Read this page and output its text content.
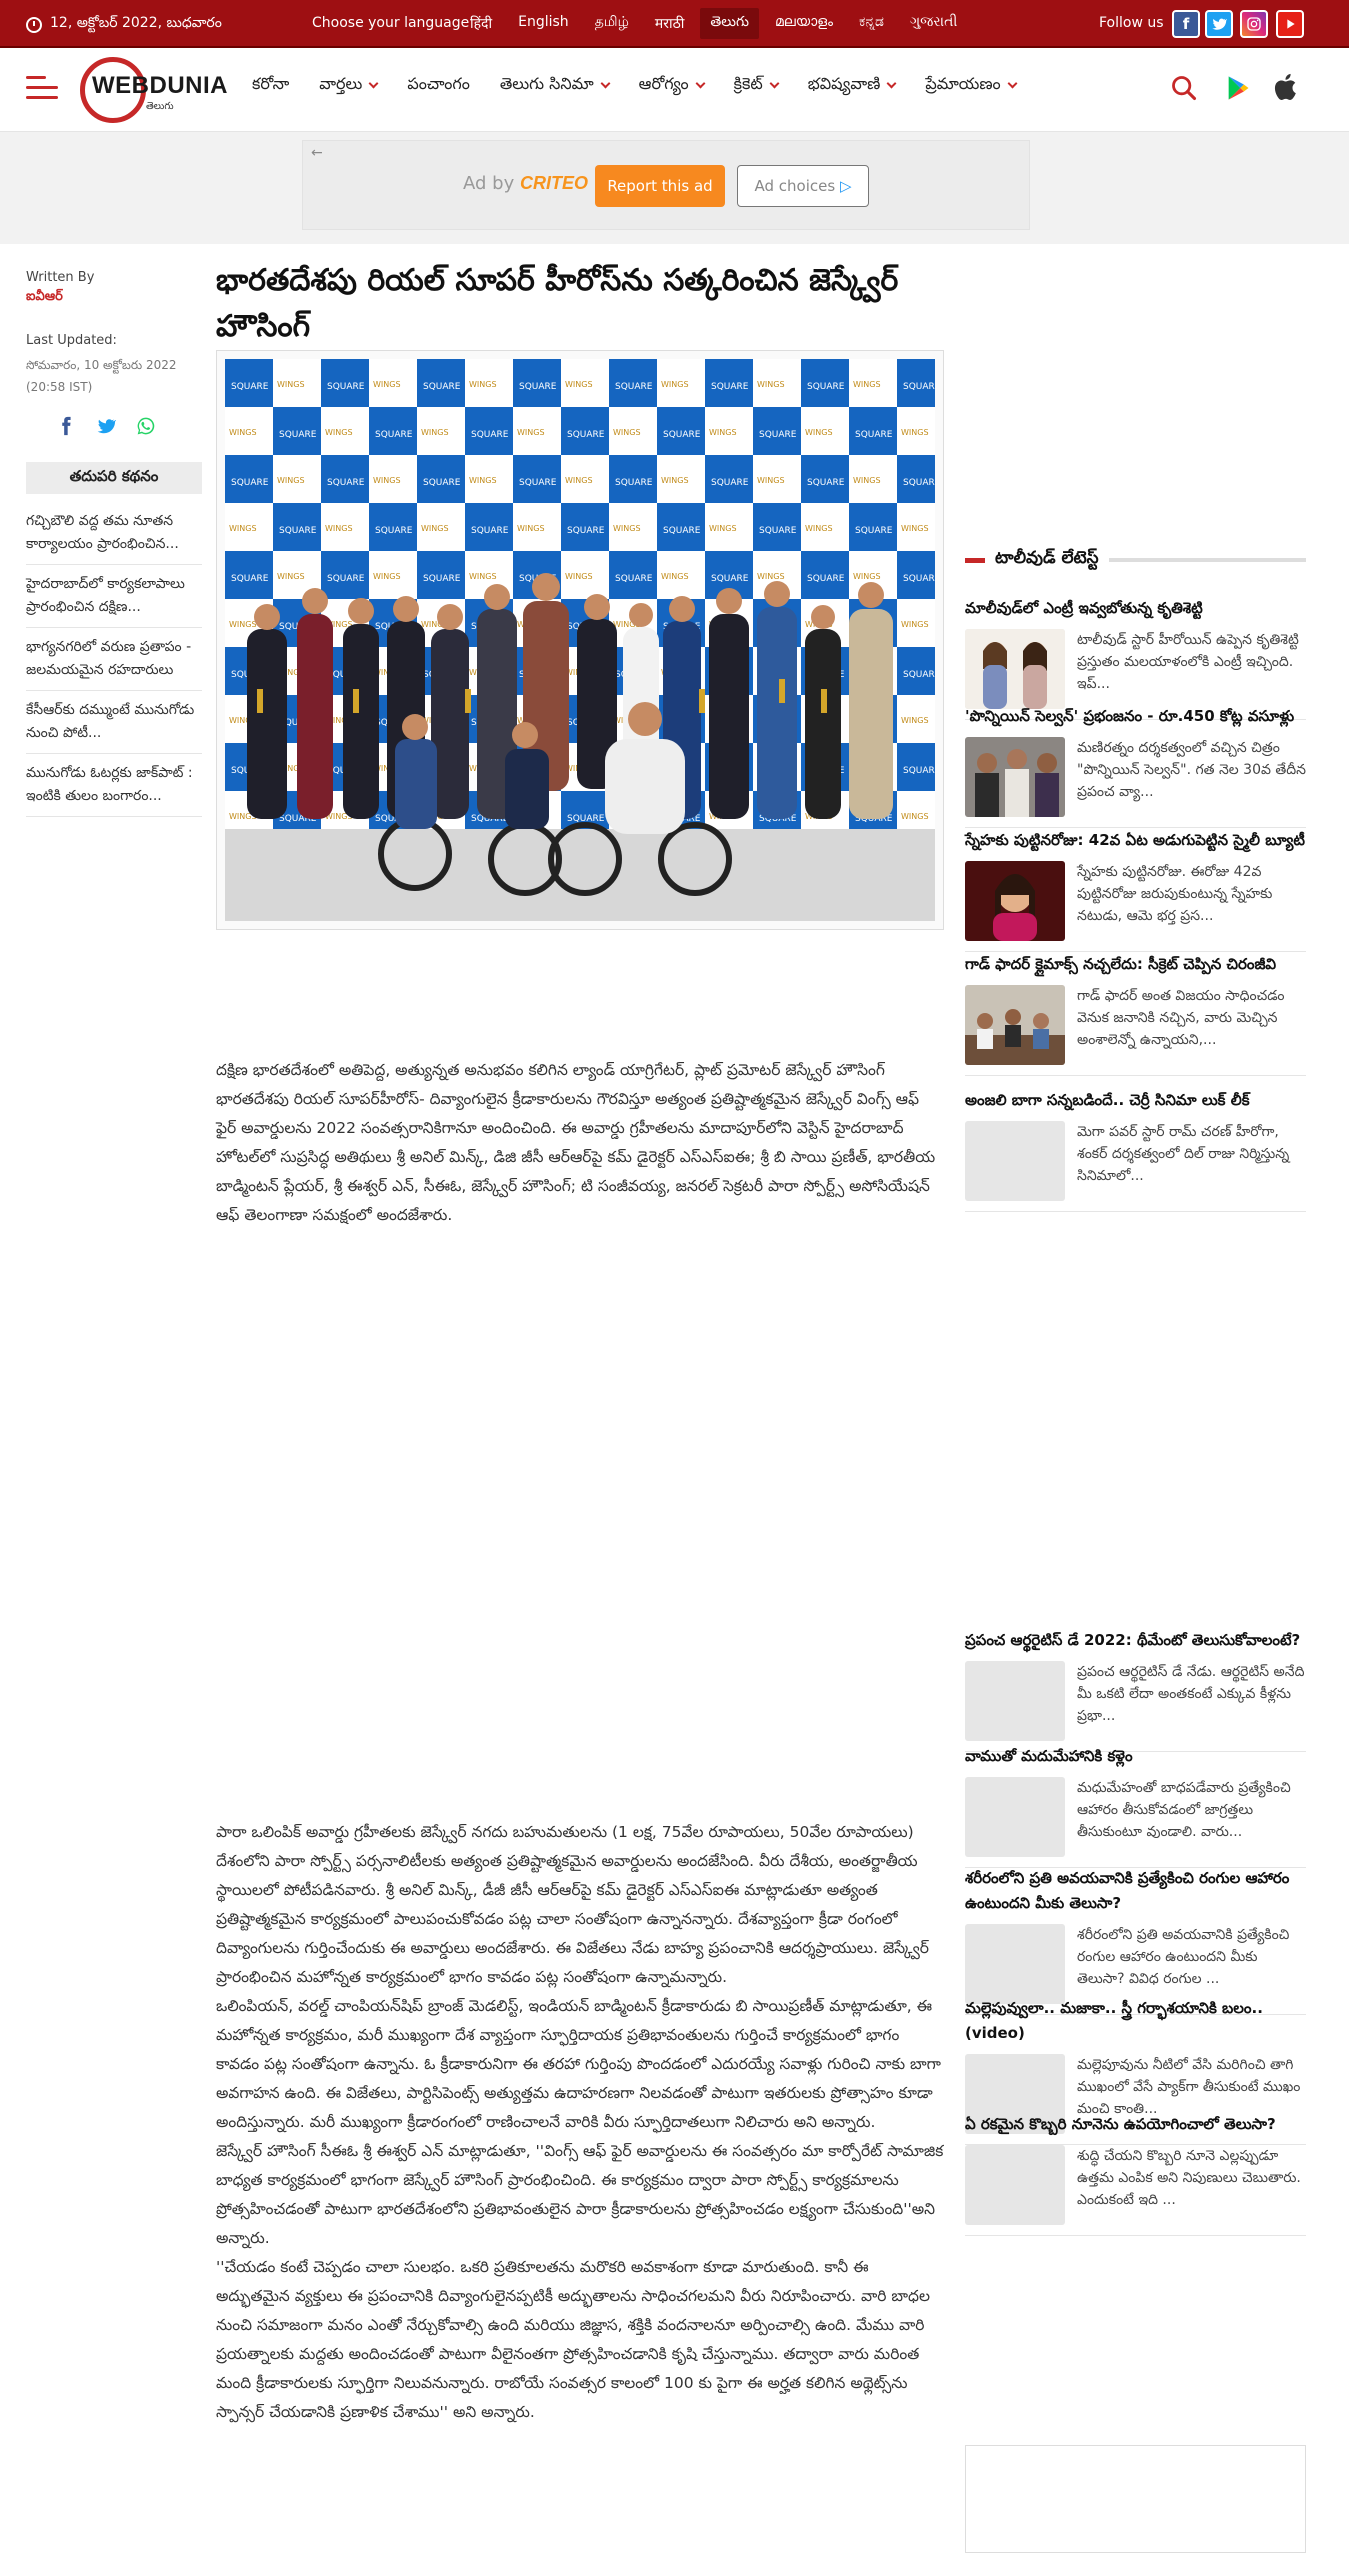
12, అక్టోబర్ 2022, బుధవారం	Choose your language हिंदी	English	தமிழ்	मराठी	తెలుగు	മലയാളം	ಕನ್ನಡ	ગુજરાતી	Follow us	f
WEBDUNIA
తెలుగు
కరోనా వార్తలు	పంచాంగం తెలుగు సినిమా	ఆరోగ్యం	క్రికెట్	భవిష్యవాణి	ప్రేమాయణం
←
Ad by CRITEO	Report this ad	Ad choices
▷
Written By
ఐవీఆర్
Last Updated:
సోమవారం, 10 అక్టోబరు 2022 (20:58 IST)
తదుపరి కథనం
గచ్చిబౌలి వద్ద తమ నూతన కార్యాలయం ప్రారంభించిన...
హైదరాబాద్‌లో కార్యకలాపాలు ప్రారంభించిన దక్షిణ...
భాగ్యనగరిలో వరుణ ప్రతాపం - జలమయమైన రహదారులు
కేసీఆర్‌కు దమ్ముంటే మునుగోడు నుంచి పోటీ...
మునుగోడు ఓటర్లకు జాక్‌పాట్ : ఇంటికి తులం బంగారం...
భారతదేశపు రియల్ సూపర్ హీరోస్‌ను సత్కరించిన జెస్క్వేర్ హౌసింగ్

దక్షిణ భారతదేశంలో అతిపెద్ద, అత్యున్నత అనుభవం కలిగిన ల్యాండ్ యాగ్రిగేటర్, ప్లాట్ ప్రమోటర్ జెస్క్వేర్ హౌసింగ్ భారతదేశపు రియల్ సూపర్‌హీరోస్- దివ్యాంగులైన క్రీడాకారులను గౌరవిస్తూ అత్యంత ప్రతిష్టాత్మకమైన జెస్క్వేర్ వింగ్స్ ఆఫ్ ఫైర్ అవార్డులను 2022 సంవత్సరానికిగానూ అందించింది. ఈ అవార్డు గ్రహీతలను మాదాపూర్‌లోని వెస్టిన్ హైదరాబాద్ హోటల్‌లో సుప్రసిద్ధ అతిథులు శ్రీ అనిల్ మిన్క్, డిజి జీసీ ఆర్‌ఆర్‌పై కమ్ డైరెక్టర్ ఎస్‌ఎస్ఐఈ; శ్రీ బి సాయి ప్రణీత్, భారతీయ బాడ్మింటన్ ప్లేయర్, శ్రీ ఈశ్వర్ ఎన్, సీఈఓ, జెస్క్వేర్ హౌసింగ్; టి సంజీవయ్య, జనరల్ సెక్రటరీ పారా స్పోర్ట్స్ అసోసియేషన్ ఆఫ్ తెలంగాణా సమక్షంలో అందజేశారు.

పారా ఒలింపిక్ అవార్డు గ్రహీతలకు జెస్క్వేర్ నగదు బహుమతులను (1 లక్ష, 75వేల రూపాయలు, 50వేల రూపాయలు) దేశంలోని పారా స్పోర్ట్స్ పర్సనాలిటీలకు అత్యంత ప్రతిష్టాత్మకమైన అవార్డులను అందజేసింది. వీరు దేశీయ, అంతర్జాతీయ స్థాయిలలో పోటీపడినవారు. శ్రీ అనిల్ మిన్క్, డీజీ జీసీ ఆర్‌ఆర్‌పై కమ్ డైరెక్టర్ ఎస్‌ఎస్ఐఈ మాట్లాడుతూ అత్యంత ప్రతిష్టాత్మకమైన కార్యక్రమంలో పాలుపంచుకోవడం పట్ల చాలా సంతోషంగా ఉన్నానన్నారు. దేశవ్యాప్తంగా క్రీడా రంగంలో దివ్యాంగులను గుర్తించేందుకు ఈ అవార్డులు అందజేశారు. ఈ విజేతలు నేడు బాహ్య ప్రపంచానికి ఆదర్శప్రాయులు. జెస్క్వేర్ ప్రారంభించిన మహోన్నత కార్యక్రమంలో భాగం కావడం పట్ల సంతోషంగా ఉన్నామన్నారు.

ఒలింపియన్, వరల్డ్ చాంపియన్‌షిప్ బ్రాంజ్ మెడలిస్ట్, ఇండియన్ బాడ్మింటన్ క్రీడాకారుడు బి సాయిప్రణీత్ మాట్లాడుతూ, ఈ మహోన్నత కార్యక్రమం, మరీ ముఖ్యంగా దేశ వ్యాప్తంగా స్ఫూర్తిదాయక ప్రతిభావంతులను గుర్తించే కార్యక్రమంలో భాగం కావడం పట్ల సంతోషంగా ఉన్నాను. ఓ క్రీడాకారునిగా ఈ తరహా గుర్తింపు పొందడంలో ఎదురయ్యే సవాళ్లు గురించి నాకు బాగా అవగాహన ఉంది. ఈ విజేతలు, పార్టిసిపెంట్స్ అత్యుత్తమ ఉదాహరణగా నిలవడంతో పాటుగా ఇతరులకు ప్రోత్సాహం కూడా అందిస్తున్నారు. మరీ ముఖ్యంగా క్రీడారంగంలో రాణించాలనే వారికి వీరు స్ఫూర్తిదాతలుగా నిలిచారు అని అన్నారు.

జెస్క్వేర్ హౌసింగ్ సీఈఓ శ్రీ ఈశ్వర్ ఎన్ మాట్లాడుతూ, ''వింగ్స్ ఆఫ్ ఫైర్ అవార్డులను ఈ సంవత్సరం మా కార్పోరేట్ సామాజిక బాధ్యత కార్యక్రమంలో భాగంగా జెస్క్వేర్ హౌసింగ్ ప్రారంభించింది. ఈ కార్యక్రమం ద్వారా పారా స్పోర్ట్స్ కార్యక్రమాలను ప్రోత్సహించడంతో పాటుగా భారతదేశంలోని ప్రతిభావంతులైన పారా క్రీడాకారులను ప్రోత్సహించడం లక్ష్యంగా చేసుకుంది''అని అన్నారు.

''చేయడం కంటే చెప్పడం చాలా సులభం. ఒకరి ప్రతికూలతను మరొకరి అవకాశంగా కూడా మారుతుంది. కానీ ఈ అద్భుతమైన వ్యక్తులు ఈ ప్రపంచానికి దివ్యాంగులైనప్పటికీ అద్భుతాలను సాధించగలమని వీరు నిరూపించారు. వారి బాధల నుంచి సమాజంగా మనం ఎంతో నేర్చుకోవాల్సి ఉంది మరియు జిజ్ఞాస, శక్తికి వందనాలనూ అర్పించాల్సి ఉంది. మేము వారి ప్రయత్నాలకు మద్దతు అందించడంతో పాటుగా వీలైనంతగా ప్రోత్సహించడానికి కృషి చేస్తున్నాము. తద్వారా వారు మరింత మంది క్రీడాకారులకు స్ఫూర్తిగా నిలువనున్నారు. రాబోయే సంవత్సర కాలంలో 100 కు పైగా ఈ అర్హత కలిగిన అథ్లెట్స్‌ను స్పాన్సర్ చేయడానికి ప్రణాళిక చేశాము'' అని అన్నారు.

టాలీవుడ్ లేటెస్ట్
మాలీవుడ్‌లో ఎంట్రీ ఇవ్వబోతున్న కృతిశెట్టి
టాలీవుడ్ స్టార్ హీరోయిన్ ఉప్పెన కృతిశెట్టి ప్రస్తుతం మలయాళంలోకి ఎంట్రీ ఇచ్చింది. ఇప్...
'పొన్నియిన్ సెల్వన్' ప్రభంజనం - రూ.450 కోట్ల వసూళ్లు
మణిరత్నం దర్శకత్వంలో వచ్చిన చిత్రం "పొన్నియిన్ సెల్వన్". గత నెల 30వ తేదీన ప్రపంచ వ్యా...
స్నేహకు పుట్టినరోజు: 42వ ఏట అడుగుపెట్టిన స్మైలీ బ్యూటీ
స్నేహకు పుట్టినరోజు. ఈరోజు 42వ పుట్టినరోజు జరుపుకుంటున్న స్నేహకు నటుడు, ఆమె భర్త ప్రస...
గాడ్ ఫాదర్ క్లైమాక్స్ నచ్చలేదు: సీక్రెట్ చెప్పిన చిరంజీవి
గాడ్ ఫాదర్ అంత విజయం సాధించడం వెనుక జనానికి నచ్చిన, వారు మెచ్చిన అంశాలెన్నో ఉన్నాయని,...
అంజలి బాగా సన్నబడిందే.. చెర్రీ సినిమా లుక్ లీక్
మెగా పవర్ స్టార్ రామ్ చరణ్ హీరోగా, శంకర్ దర్శకత్వంలో దిల్ రాజు నిర్మిస్తున్న సినిమాలో...
ప్రపంచ ఆర్థరైటిస్ డే 2022: థీమేంటో తెలుసుకోవాలంటే?
ప్రపంచ ఆర్థరైటిస్ డే నేడు. ఆర్థరైటిస్ అనేది మీ ఒకటి లేదా అంతకంటే ఎక్కువ కీళ్లను ప్రభా...
వాముతో మదుమేహానికి కళ్లెం
మధుమేహంతో బాధపడేవారు ప్రత్యేకించి ఆహారం తీసుకోవడంలో జాగ్రత్తలు తీసుకుంటూ వుండాలి. వారు...
శరీరంలోని ప్రతి అవయవానికి ప్రత్యేకించి రంగుల ఆహారం ఉంటుందని మీకు తెలుసా?
శరీరంలోని ప్రతి అవయవానికి ప్రత్యేకించి రంగుల ఆహారం ఉంటుందని మీకు తెలుసా? వివిధ రంగుల ...
మల్లెపువ్వులా.. మజాకా.. స్త్రీ గర్భాశయానికి బలం.. (video)
మల్లెపూవును నీటిలో వేసి మరిగించి తాగి ముఖంలో వేసే ప్యాక్‌గా తీసుకుంటే ముఖం మంచి కాంతి...
ఏ రకమైన కొబ్బరి నూనెను ఉపయోగించాలో తెలుసా?
శుద్ధి చేయని కొబ్బరి నూనె ఎల్లప్పుడూ ఉత్తమ ఎంపిక అని నిపుణులు చెబుతారు. ఎందుకంటే ఇది ...
